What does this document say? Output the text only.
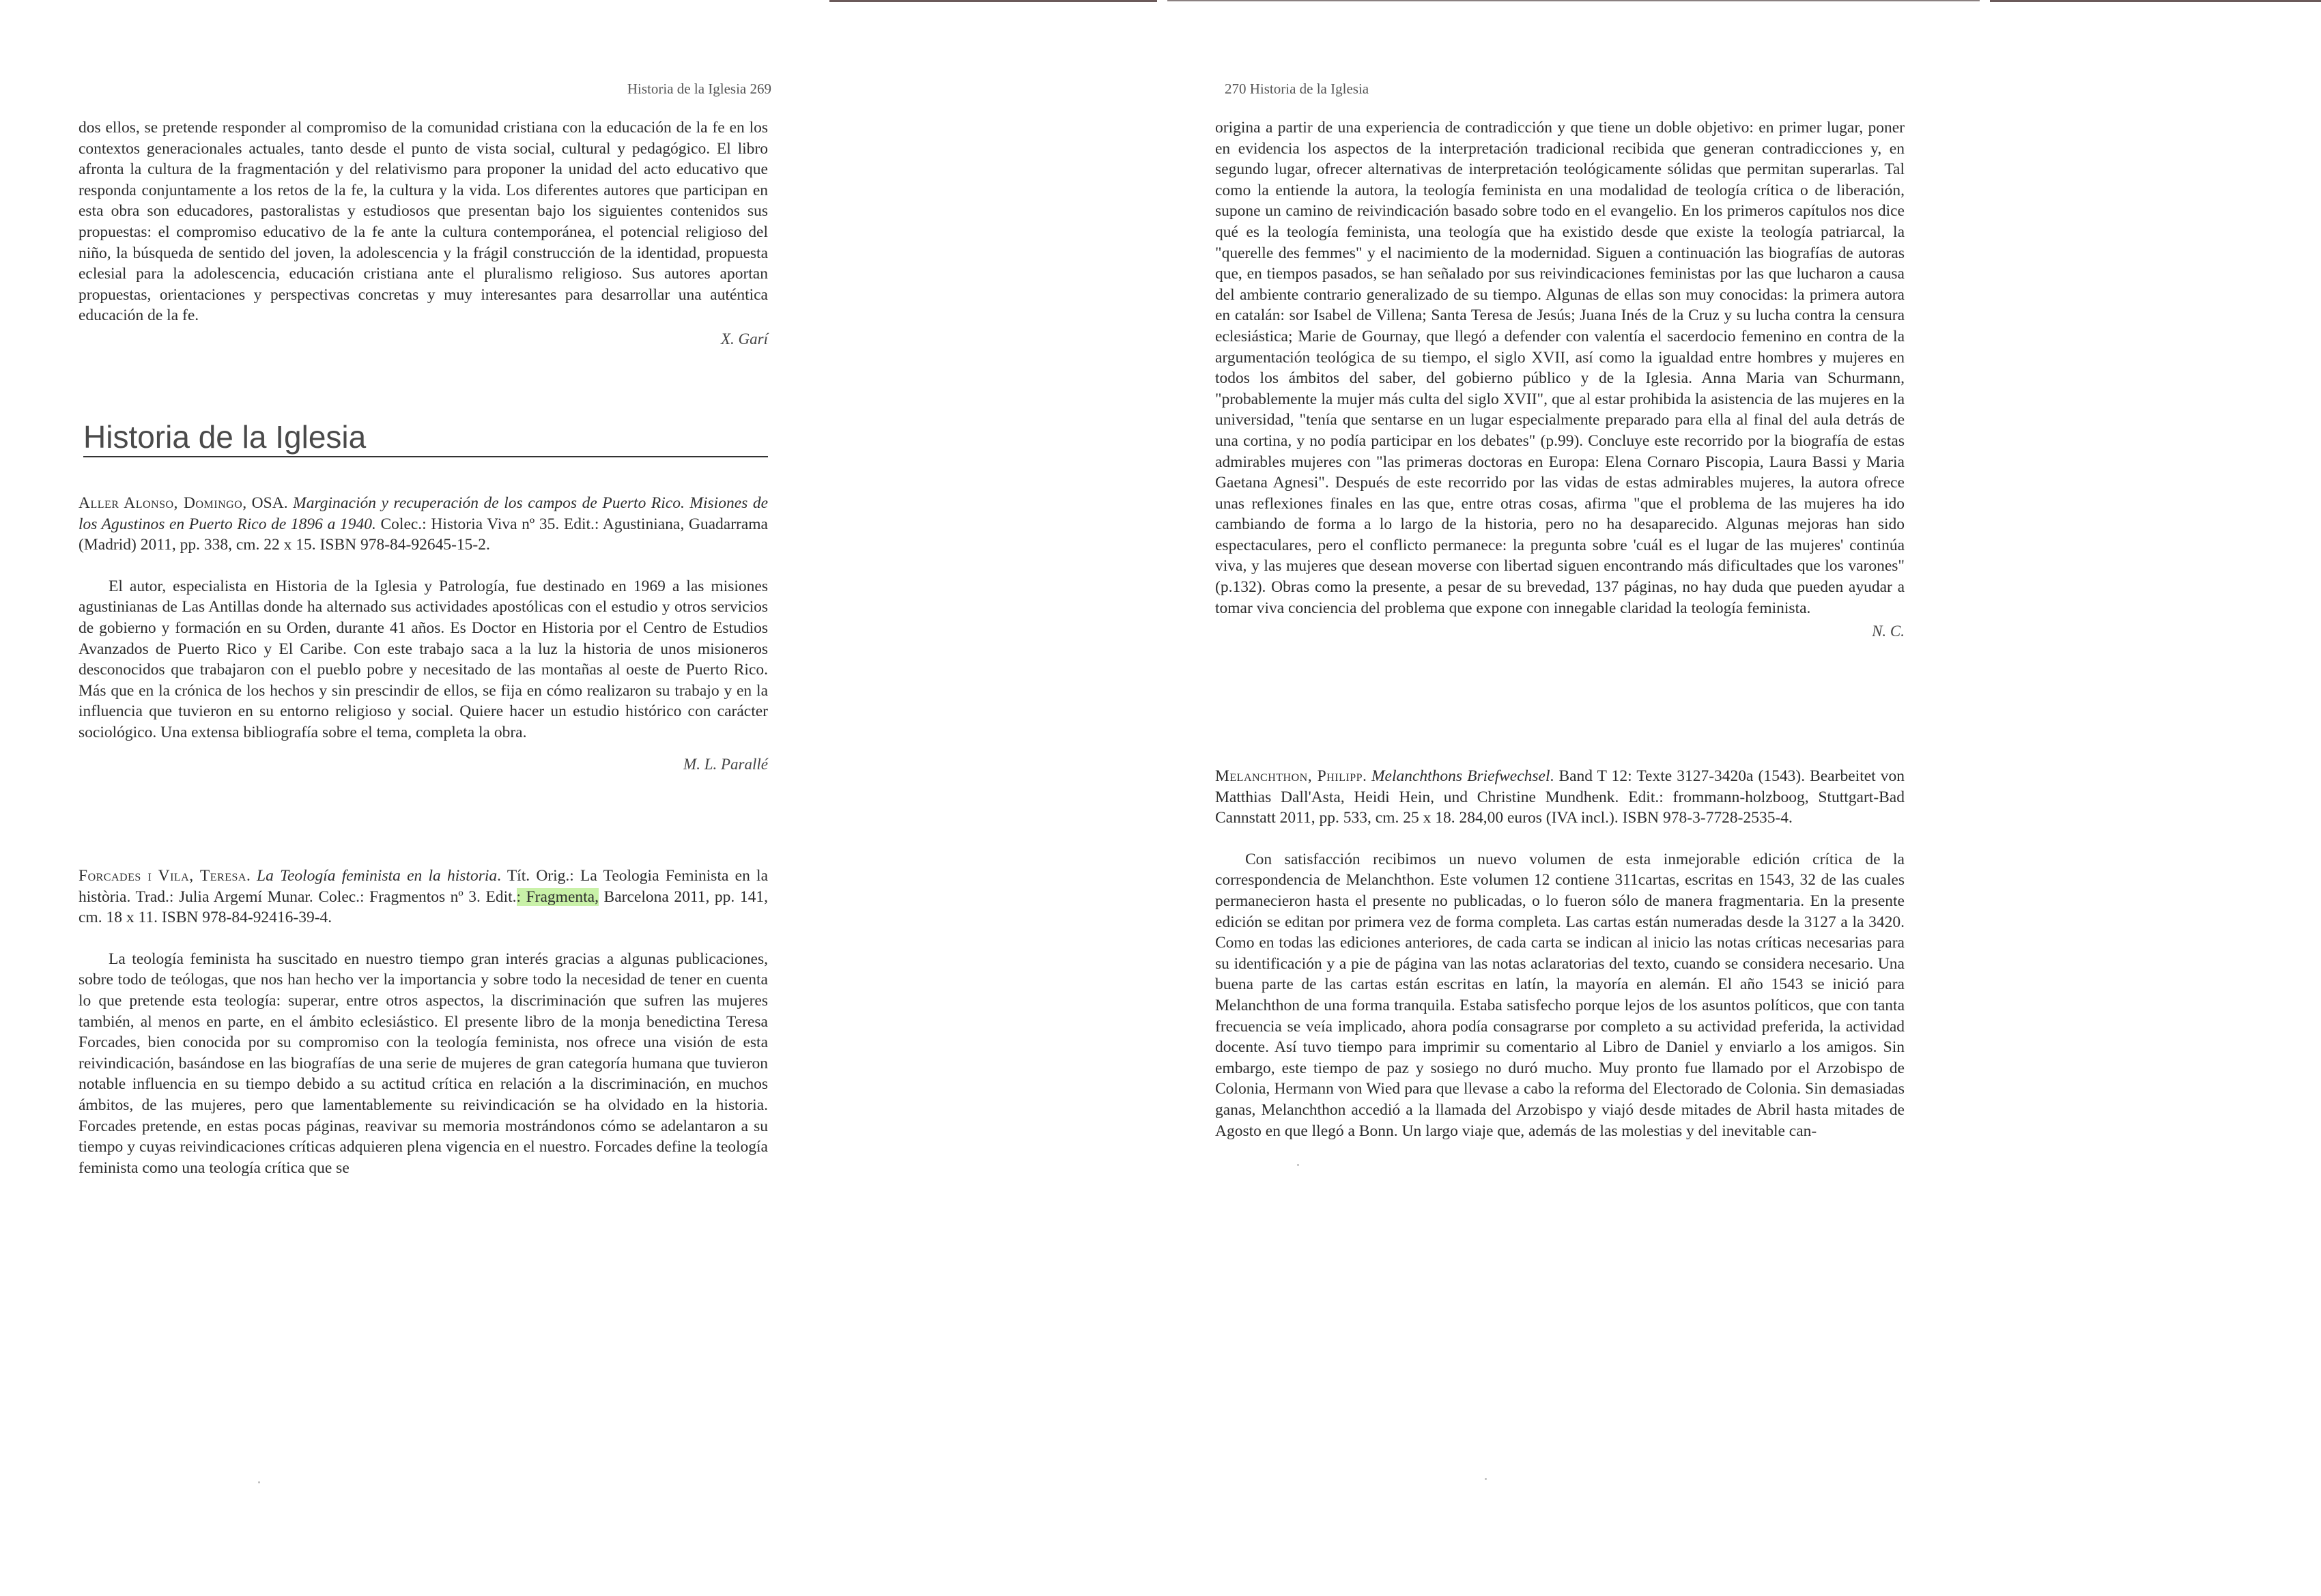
Historia de la Iglesia 269

dos ellos, se pretende responder al compromiso de la comunidad cristiana con la educación de la fe en los contextos generacionales actuales, tanto desde el punto de vista social, cultural y pedagógico. El libro afronta la cultura de la fragmentación y del relativismo para proponer la unidad del acto educativo que responda conjuntamente a los retos de la fe, la cultura y la vida. Los diferentes autores que participan en esta obra son educadores, pastoralistas y estudiosos que presentan bajo los siguientes contenidos sus propuestas: el compromiso educativo de la fe ante la cultura contemporánea, el potencial religioso del niño, la búsqueda de sentido del joven, la adolescencia y la frágil construcción de la identidad, propuesta eclesial para la adolescencia, educación cristiana ante el pluralismo religioso. Sus autores aportan propuestas, orientaciones y perspectivas concretas y muy interesantes para desarrollar una auténtica educación de la fe.

X. Garí

Historia de la Iglesia

Aller Alonso, Domingo, OSA. Marginación y recuperación de los campos de Puerto Rico. Misiones de los Agustinos en Puerto Rico de 1896 a 1940. Colec.: Historia Viva nº 35. Edit.: Agustiniana, Guadarrama (Madrid) 2011, pp. 338, cm. 22 x 15. ISBN 978-84-92645-15-2.

El autor, especialista en Historia de la Iglesia y Patrología, fue destinado en 1969 a las misiones agustinianas de Las Antillas donde ha alternado sus actividades apostólicas con el estudio y otros servicios de gobierno y formación en su Orden, durante 41 años. Es Doctor en Historia por el Centro de Estudios Avanzados de Puerto Rico y El Caribe. Con este trabajo saca a la luz la historia de unos misioneros desconocidos que trabajaron con el pueblo pobre y necesitado de las montañas al oeste de Puerto Rico. Más que en la crónica de los hechos y sin prescindir de ellos, se fija en cómo realizaron su trabajo y en la influencia que tuvieron en su entorno religioso y social. Quiere hacer un estudio histórico con carácter sociológico. Una extensa bibliografía sobre el tema, completa la obra.

M. L. Parallé

Forcades i Vila, Teresa. La Teología feminista en la historia. Tít. Orig.: La Teologia Feminista en la història. Trad.: Julia Argemí Munar. Colec.: Fragmentos nº 3. Edit.: Fragmenta, Barcelona 2011, pp. 141, cm. 18 x 11. ISBN 978-84-92416-39-4.

La teología feminista ha suscitado en nuestro tiempo gran interés gracias a algunas publicaciones, sobre todo de teólogas, que nos han hecho ver la importancia y sobre todo la necesidad de tener en cuenta lo que pretende esta teología: superar, entre otros aspectos, la discriminación que sufren las mujeres también, al menos en parte, en el ámbito eclesiástico. El presente libro de la monja benedictina Teresa Forcades, bien conocida por su compromiso con la teología feminista, nos ofrece una visión de esta reivindicación, basándose en las biografías de una serie de mujeres de gran categoría humana que tuvieron notable influencia en su tiempo debido a su actitud crítica en relación a la discriminación, en muchos ámbitos, de las mujeres, pero que lamentablemente su reivindicación se ha olvidado en la historia. Forcades pretende, en estas pocas páginas, reavivar su memoria mostrándonos cómo se adelantaron a su tiempo y cuyas reivindicaciones críticas adquieren plena vigencia en el nuestro. Forcades define la teología feminista como una teología crítica que se

270 Historia de la Iglesia

origina a partir de una experiencia de contradicción y que tiene un doble objetivo: en primer lugar, poner en evidencia los aspectos de la interpretación tradicional recibida que generan contradicciones y, en segundo lugar, ofrecer alternativas de interpretación teológicamente sólidas que permitan superarlas. Tal como la entiende la autora, la teología feminista en una modalidad de teología crítica o de liberación, supone un camino de reivindicación basado sobre todo en el evangelio. En los primeros capítulos nos dice qué es la teología feminista, una teología que ha existido desde que existe la teología patriarcal, la "querelle des femmes" y el nacimiento de la modernidad. Siguen a continuación las biografías de autoras que, en tiempos pasados, se han señalado por sus reivindicaciones feministas por las que lucharon a causa del ambiente contrario generalizado de su tiempo. Algunas de ellas son muy conocidas: la primera autora en catalán: sor Isabel de Villena; Santa Teresa de Jesús; Juana Inés de la Cruz y su lucha contra la censura eclesiástica; Marie de Gournay, que llegó a defender con valentía el sacerdocio femenino en contra de la argumentación teológica de su tiempo, el siglo XVII, así como la igualdad entre hombres y mujeres en todos los ámbitos del saber, del gobierno público y de la Iglesia. Anna Maria van Schurmann, "probablemente la mujer más culta del siglo XVII", que al estar prohibida la asistencia de las mujeres en la universidad, "tenía que sentarse en un lugar especialmente preparado para ella al final del aula detrás de una cortina, y no podía participar en los debates" (p.99). Concluye este recorrido por la biografía de estas admirables mujeres con "las primeras doctoras en Europa: Elena Cornaro Piscopia, Laura Bassi y Maria Gaetana Agnesi". Después de este recorrido por las vidas de estas admirables mujeres, la autora ofrece unas reflexiones finales en las que, entre otras cosas, afirma "que el problema de las mujeres ha ido cambiando de forma a lo largo de la historia, pero no ha desaparecido. Algunas mejoras han sido espectaculares, pero el conflicto permanece: la pregunta sobre 'cuál es el lugar de las mujeres' continúa viva, y las mujeres que desean moverse con libertad siguen encontrando más dificultades que los varones" (p.132). Obras como la presente, a pesar de su brevedad, 137 páginas, no hay duda que pueden ayudar a tomar viva conciencia del problema que expone con innegable claridad la teología feminista.

N. C.

Melanchthon, Philipp. Melanchthons Briefwechsel. Band T 12: Texte 3127-3420a (1543). Bearbeitet von Matthias Dall'Asta, Heidi Hein, und Christine Mundhenk. Edit.: frommann-holzboog, Stuttgart-Bad Cannstatt 2011, pp. 533, cm. 25 x 18. 284,00 euros (IVA incl.). ISBN 978-3-7728-2535-4.

Con satisfacción recibimos un nuevo volumen de esta inmejorable edición crítica de la correspondencia de Melanchthon. Este volumen 12 contiene 311cartas, escritas en 1543, 32 de las cuales permanecieron hasta el presente no publicadas, o lo fueron sólo de manera fragmentaria. En la presente edición se editan por primera vez de forma completa. Las cartas están numeradas desde la 3127 a la 3420. Como en todas las ediciones anteriores, de cada carta se indican al inicio las notas críticas necesarias para su identificación y a pie de página van las notas aclaratorias del texto, cuando se considera necesario. Una buena parte de las cartas están escritas en latín, la mayoría en alemán. El año 1543 se inició para Melanchthon de una forma tranquila. Estaba satisfecho porque lejos de los asuntos políticos, que con tanta frecuencia se veía implicado, ahora podía consagrarse por completo a su actividad preferida, la actividad docente. Así tuvo tiempo para imprimir su comentario al Libro de Daniel y enviarlo a los amigos. Sin embargo, este tiempo de paz y sosiego no duró mucho. Muy pronto fue llamado por el Arzobispo de Colonia, Hermann von Wied para que llevase a cabo la reforma del Electorado de Colonia. Sin demasiadas ganas, Melanchthon accedió a la llamada del Arzobispo y viajó desde mitades de Abril hasta mitades de Agosto en que llegó a Bonn. Un largo viaje que, además de las molestias y del inevitable can-
